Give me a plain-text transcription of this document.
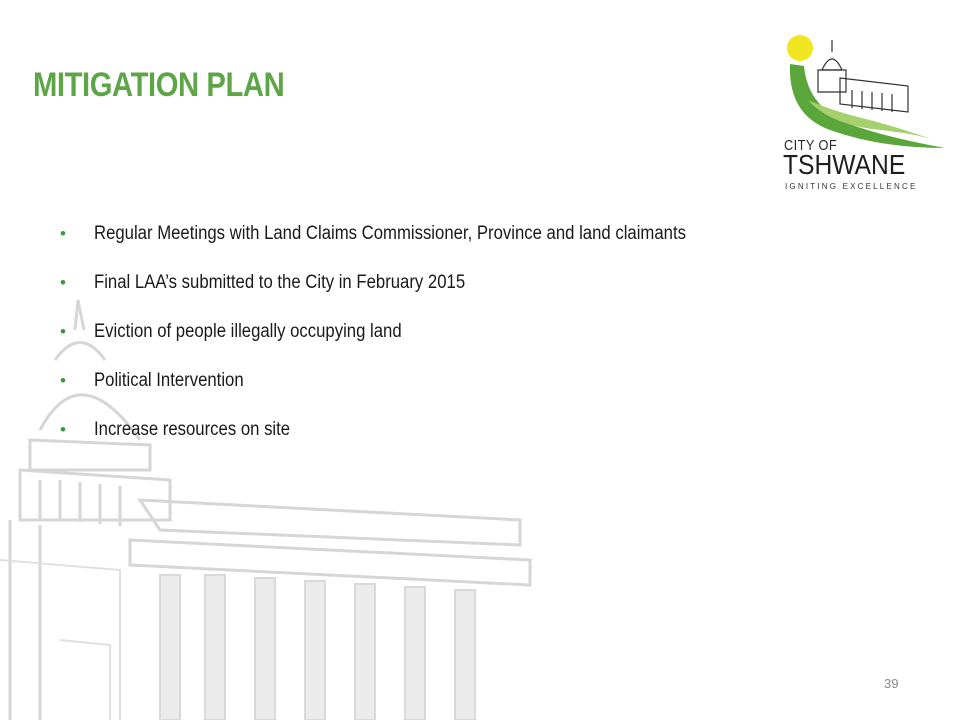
MITIGATION PLAN
CITY OF
TSHWANE
IGNITING EXCELLENCE
• Regular Meetings with Land Claims Commissioner, Province and land claimants
• Final LAA’s submitted to the City in February 2015
• Eviction of people illegally occupying land
• Political Intervention
• Increase resources on site
39
